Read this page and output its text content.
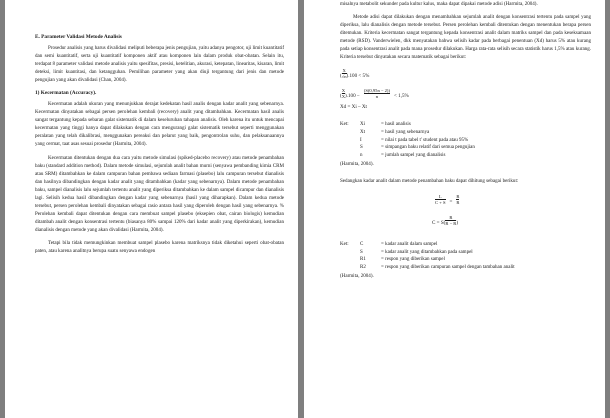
E. Parameter Validasi Metode Analisis

Prosedur analisis yang harus divalidasi meliputi beberapa jenis pengujian, yaitu adanya pengotor, uji limit kuantitatif dan semi kuantitatif, serta uji kuantitatif komponen aktif atau komponen lain dalam produk obat-obatan. Selain itu, terdapat 8 parameter validasi metode analisis yaitu spesifitas, presisi, ketelitian, akurasi, ketepatan, linearitas, kisaran, limit deteksi, limit kuantitasi, dan ketangguhan. Pemilihan parameter yang akan diuji tergantung dari jenis dan metode pengujian yang akan divalidasi (Chan, 2004).

1) Kecermatan (Accuracy).

Kecermatan adalah ukuran yang menunjukkan derajat kedekatan hasil analis dengan kadar analit yang sebenarnya. Kecermatan dinyatakan sebagai persen perolehan kembali (recovery) analit yang ditambahkan. Kecermatan hasil analis sangat tergantung kepada sebaran galat sistematik di dalam keseluruhan tahapan analisis. Oleh karena itu untuk mencapai kecermatan yang tinggi hanya dapat dilakukan dengan cara mengurangi galat sistematik tersebut seperti menggunakan peralatan yang telah dikalibrasi, menggunakan pereaksi dan pelarut yang baik, pengontrolan suhu, dan pelaksanaannya yang cermat, taat asas sesuai prosedur (Harmita, 2004).

Kecermatan ditentukan dengan dua cara yaitu metode simulasi (spiked-placebo recovery) atau metode penambahan baku (standard addition method). Dalam metode simulasi, sejumlah analit bahan murni (senyawa pembanding kimia CRM atau SRM) ditambahkan ke dalam campuran bahan pembawa sediaan farmasi (plasebo) lalu campuran tersebut dianalisis dan hasilnya dibandingkan dengan kadar analit yang ditambahkan (kadar yang sebenarnya). Dalam metode penambahan baku, sampel dianalisis lalu sejumlah tertentu analit yang diperiksa ditambahkan ke dalam sampel dicampur dan dianalisis lagi. Selisih kedua hasil dibandingkan dengan kadar yang sebenarnya (hasil yang diharapkan). Dalam kedua metode tersebut, persen perolehan kembali dinyatakan sebagai rasio antara hasil yang diperoleh dengan hasil yang sebenarnya. % Perolehan kembali dapat ditentukan dengan cara membuat sampel plasebo (eksepien obat, cairan biologis) kemudian ditambah analit dengan konsentrasi tertentu (biasanya 80% sampai 120% dari kadar analit yang diperkirakan), kemudian dianalisis dengan metode yang akan divalidasi (Harmita, 2004).

Tetapi bila tidak memungkinkan membuat sampel plasebo karena matriksnya tidak diketahui seperti obat-obatan paten, atau karena analitnya berupa suatu senyawa endogen

misalnya metabolit sekunder pada kultur kalus, maka dapat dipakai metode adisi (Harmita, 2004).

Metode adisi dapat dilakukan dengan menambahkan sejumlah analit dengan konsentrasi tertentu pada sampel yang diperiksa, lalu dianalisis dengan metode tersebut. Persen perolehan kembali ditentukan dengan menentukan berapa persen ditemukan. Kriteria kecermatan sangat tergantung kepada konsentrasi analit dalam matriks sampel dan pada keseksamaan metode (RSD). Vanderwielen, dkk menyatakan bahwa selisih kadar pada berbagai penentuan (Xd) harus 5% atau kurang pada setiap konsentrasi analit pada mana prosedur dilakukan. Harga rata-rata selisih secara statistik harus 1,5% atau kurang. Kriteria tersebut dinyatakan secara matematik sebagai berikut:

( $\frac{X}{√n} ).100 < 5\%$
( $\frac{X}{X} ).100 - \frac{(S(0,95n - 2))}{n} < 1,5\%$

Xd = Xi – Xt

Ket:	Xi	= hasil analisis
Xt	= hasil yang sebenarnya
I	= nilai t pada tabel t' student pada atau 95%
S	= simpangan baku relatif dari semua pengujian
n	= jumlah sampel yang dianalisis

(Harmita, 2004).

Sedangkan kadar analit dalam metode penambahan baku dapat dihitung sebagai berikut:

$\frac{L}{C + S} = \frac{R}{R}$
$C = S( \frac{R}{R - R}$ )
Ket:	C	= kadar analit dalam sampel
S	= kadar analit yang ditambahkan pada sampel
R1	= respon yang diberikan sampel
R2	= respon yang diberikan campuran sampel dengan tambahan analit

(Harmita, 2004).
